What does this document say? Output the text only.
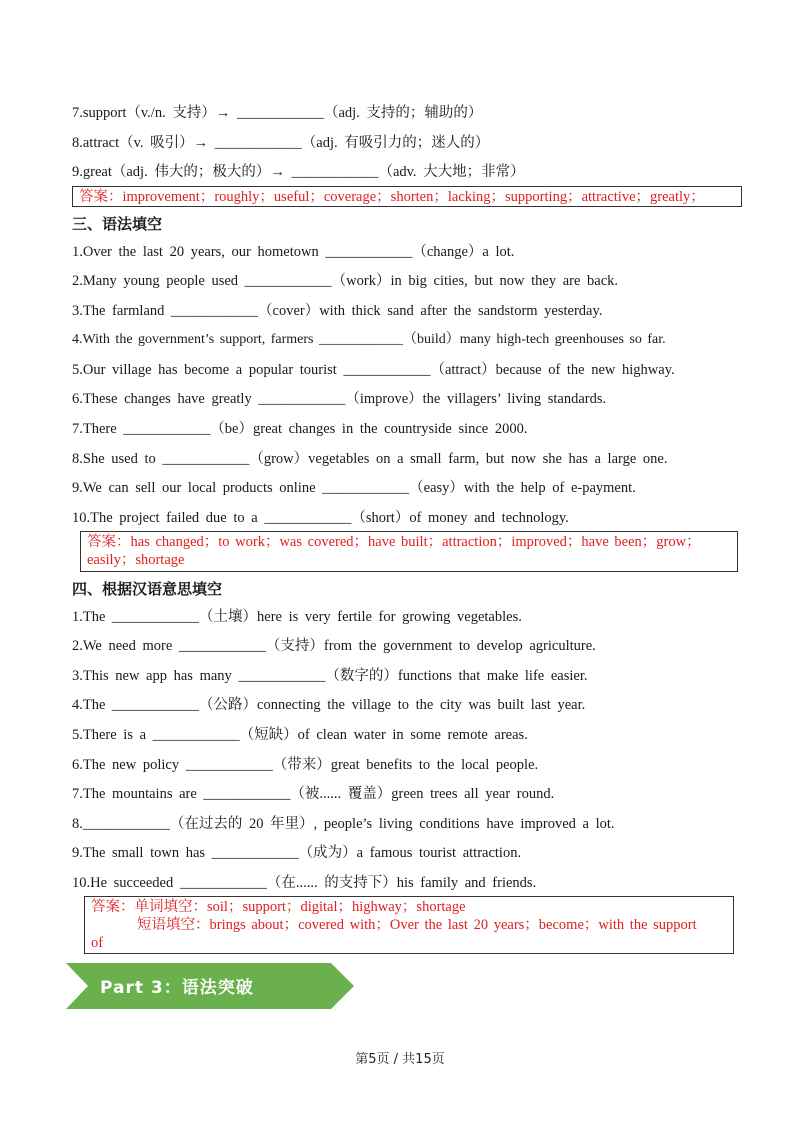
7.support（v./n. 支持）→ ____________（adj. 支持的；辅助的）
8.attract（v. 吸引）→ ____________（adj. 有吸引力的；迷人的）
9.great（adj. 伟大的；极大的）→ ____________（adv. 大大地；非常）
答案：improvement；roughly；useful；coverage；shorten；lacking；supporting；attractive；greatly；
三、语法填空
1.Over the last 20 years, our hometown ____________（change）a lot.
2.Many young people used ____________（work）in big cities, but now they are back.
3.The farmland ____________（cover）with thick sand after the sandstorm yesterday.
4.With the government’s support, farmers ____________（build）many high-tech greenhouses so far.
5.Our village has become a popular tourist ____________（attract）because of the new highway.
6.These changes have greatly ____________（improve）the villagers’ living standards.
7.There ____________（be）great changes in the countryside since 2000.
8.She used to ____________（grow）vegetables on a small farm, but now she has a large one.
9.We can sell our local products online ____________（easy）with the help of e-payment.
10.The project failed due to a ____________（short）of money and technology.
答案：has changed；to work；was covered；have built；attraction；improved；have been；grow；
easily；shortage
四、根据汉语意思填空
1.The ____________（土壤）here is very fertile for growing vegetables.
2.We need more ____________（支持）from the government to develop agriculture.
3.This new app has many ____________（数字的）functions that make life easier.
4.The ____________（公路）connecting the village to the city was built last year.
5.There is a ____________（短缺）of clean water in some remote areas.
6.The new policy ____________（带来）great benefits to the local people.
7.The mountains are ____________（被...... 覆盖）green trees all year round.
8.____________（在过去的 20 年里）, people’s living conditions have improved a lot.
9.The small town has ____________（成为）a famous tourist attraction.
10.He succeeded ____________（在...... 的支持下）his family and friends.
答案：单词填空：soil；support；digital；highway；shortage
短语填空：brings about；covered with；Over the last 20 years；become；with the support
of
Part 3：语法突破
第5页 / 共15页
